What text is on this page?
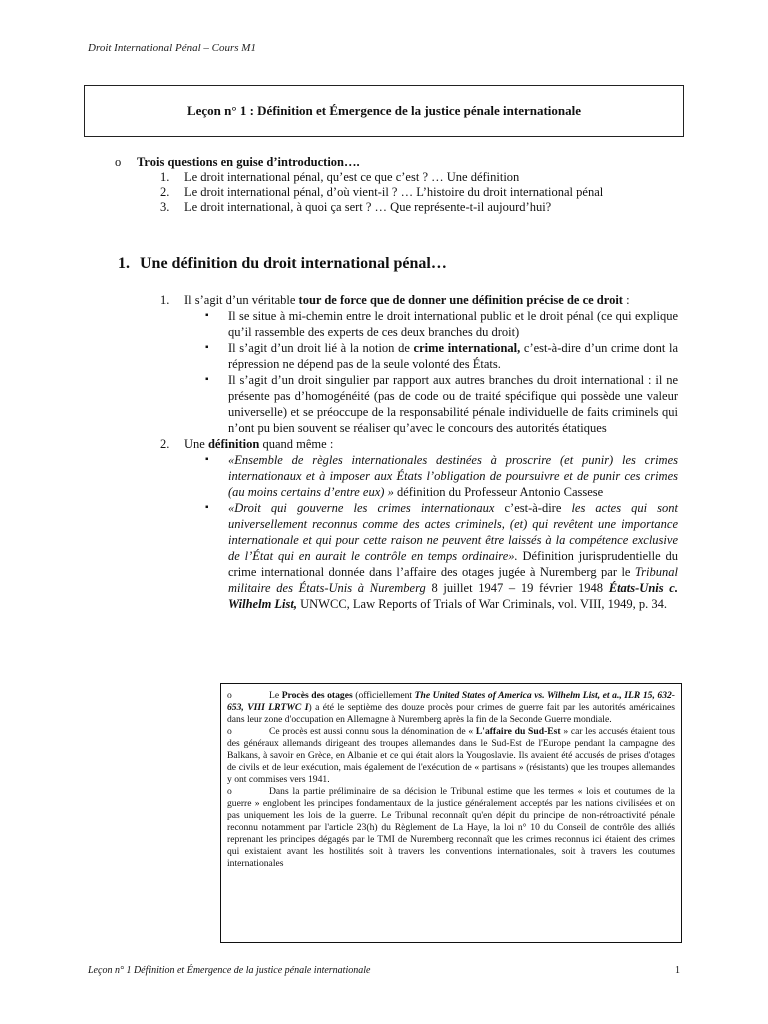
Droit International Pénal – Cours M1
Leçon n° 1 : Définition et Émergence de la justice pénale internationale
o Trois questions en guise d’introduction….
1. Le droit international pénal, qu’est ce que c’est ? … Une définition
2. Le droit international pénal, d’où vient-il ? … L’histoire du droit international pénal
3. Le droit international, à quoi ça sert ? … Que représente-t-il aujourd’hui?
1. Une définition du droit international pénal…
1. Il s’agit d’un véritable tour de force que de donner une définition précise de ce droit :
▪ Il se situe à mi-chemin entre le droit international public et le droit pénal (ce qui explique qu’il rassemble des experts de ces deux branches du droit)
▪ Il s’agit d’un droit lié à la notion de crime international, c’est-à-dire d’un crime dont la répression ne dépend pas de la seule volonté des États.
▪ Il s’agit d’un droit singulier par rapport aux autres branches du droit international : il ne présente pas d’homogénéité (pas de code ou de traité spécifique qui possède une valeur universelle) et se préoccupe de la responsabilité pénale individuelle de faits criminels qui n’ont pu bien souvent se réaliser qu’avec le concours des autorités étatiques
2. Une définition quand même :
▪ «Ensemble de règles internationales destinées à proscrire (et punir) les crimes internationaux et à imposer aux États l’obligation de poursuivre et de punir ces crimes (au moins certains d’entre eux) » définition du Professeur Antonio Cassese
▪ «Droit qui gouverne les crimes internationaux c’est-à-dire les actes qui sont universellement reconnus comme des actes criminels, (et) qui revêtent une importance internationale et qui pour cette raison ne peuvent être laissés à la compétence exclusive de l’État qui en aurait le contrôle en temps ordinaire». Définition jurisprudentielle du crime international donnée dans l’affaire des otages jugée à Nuremberg par le Tribunal militaire des États-Unis à Nuremberg 8 juillet 1947 – 19 février 1948 États-Unis c. Wilhelm List, UNWCC, Law Reports of Trials of War Criminals, vol. VIII, 1949, p. 34.

o	Le Procès des otages (officiellement The United States of America vs. Wilhelm List, et a., ILR 15, 632-653, VIII LRTWC I) a été le septième des douze procès pour crimes de guerre fait par les autorités américaines dans leur zone d'occupation en Allemagne à Nuremberg après la fin de la Seconde Guerre mondiale.

o	Ce procès est aussi connu sous la dénomination de « L'affaire du Sud-Est » car les accusés étaient tous des généraux allemands dirigeant des troupes allemandes dans le Sud-Est de l'Europe pendant la campagne des Balkans, à savoir en Grèce, en Albanie et ce qui était alors la Yougoslavie. Ils avaient été accusés de prises d'otages de civils et de leur exécution, mais également de l'exécution de « partisans » (résistants) que les troupes allemandes y ont commises vers 1941.

o	Dans la partie préliminaire de sa décision le Tribunal estime que les termes « lois et coutumes de la guerre » englobent les principes fondamentaux de la justice généralement acceptés par les nations civilisées et on pas uniquement les lois de la guerre. Le Tribunal reconnaît qu'en dépit du principe de non-rétroactivité pénale reconnu notamment par l'article 23(h) du Règlement de La Haye, la loi n° 10 du Conseil de contrôle des alliés reprenant les principes dégagés par le TMI de Nuremberg reconnaît que les crimes reconnus ici étaient des crimes qui existaient avant les hostilités soit à travers les conventions internationales, soit à travers les coutumes internationales

Leçon n° 1 Définition et Émergence de la justice pénale internationale	1
